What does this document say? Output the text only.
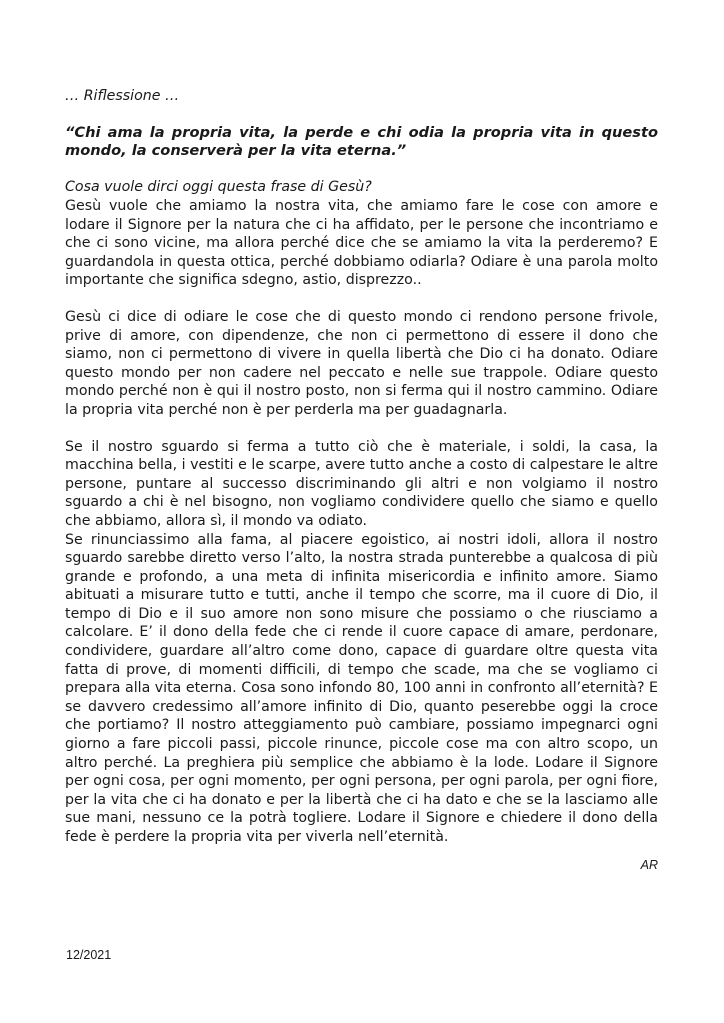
… Riflessione …

“Chi ama la propria vita, la perde e chi odia la propria vita in questo mondo, la conserverà per la vita eterna.”

Cosa vuole dirci oggi questa frase di Gesù?

Gesù vuole che amiamo la nostra vita, che amiamo fare le cose con amore e lodare il Signore per la natura che ci ha affidato, per le persone che incontriamo e che ci sono vicine, ma allora perché dice che se amiamo la vita la perderemo? E guardandola in questa ottica, perché dobbiamo odiarla? Odiare è una parola molto importante che significa sdegno, astio, disprezzo..

Gesù ci dice di odiare le cose che di questo mondo ci rendono persone frivole, prive di amore, con dipendenze, che non ci permettono di essere il dono che siamo, non ci permettono di vivere in quella libertà che Dio ci ha donato. Odiare questo mondo per non cadere nel peccato e nelle sue trappole. Odiare questo mondo perché non è qui il nostro posto, non si ferma qui il nostro cammino. Odiare la propria vita perché non è per perderla ma per guadagnarla.

Se il nostro sguardo si ferma a tutto ciò che è materiale, i soldi, la casa, la macchina bella, i vestiti e le scarpe, avere tutto anche a costo di calpestare le altre persone, puntare al successo discriminando gli altri e non volgiamo il nostro sguardo a chi è nel bisogno, non vogliamo condividere quello che siamo e quello che abbiamo, allora sì, il mondo va odiato.

Se rinunciassimo alla fama, al piacere egoistico, ai nostri idoli, allora il nostro sguardo sarebbe diretto verso l’alto, la nostra strada punterebbe a qualcosa di più grande e profondo, a una meta di infinita misericordia e infinito amore. Siamo abituati a misurare tutto e tutti, anche il tempo che scorre, ma il cuore di Dio, il tempo di Dio e il suo amore non sono misure che possiamo o che riusciamo a calcolare. E’ il dono della fede che ci rende il cuore capace di amare, perdonare, condividere, guardare all’altro come dono, capace di guardare oltre questa vita fatta di prove, di momenti difficili, di tempo che scade, ma che se vogliamo ci prepara alla vita eterna. Cosa sono infondo 80, 100 anni in confronto all’eternità? E se davvero credessimo all’amore infinito di Dio, quanto peserebbe oggi la croce che portiamo? Il nostro atteggiamento può cambiare, possiamo impegnarci ogni giorno a fare piccoli passi, piccole rinunce, piccole cose ma con altro scopo, un altro perché. La preghiera più semplice che abbiamo è la lode. Lodare il Signore per ogni cosa, per ogni momento, per ogni persona, per ogni parola, per ogni fiore, per la vita che ci ha donato e per la libertà che ci ha dato e che se la lasciamo alle sue mani, nessuno ce la potrà togliere. Lodare il Signore e chiedere il dono della fede è perdere la propria vita per viverla nell’eternità.

AR
12/2021
